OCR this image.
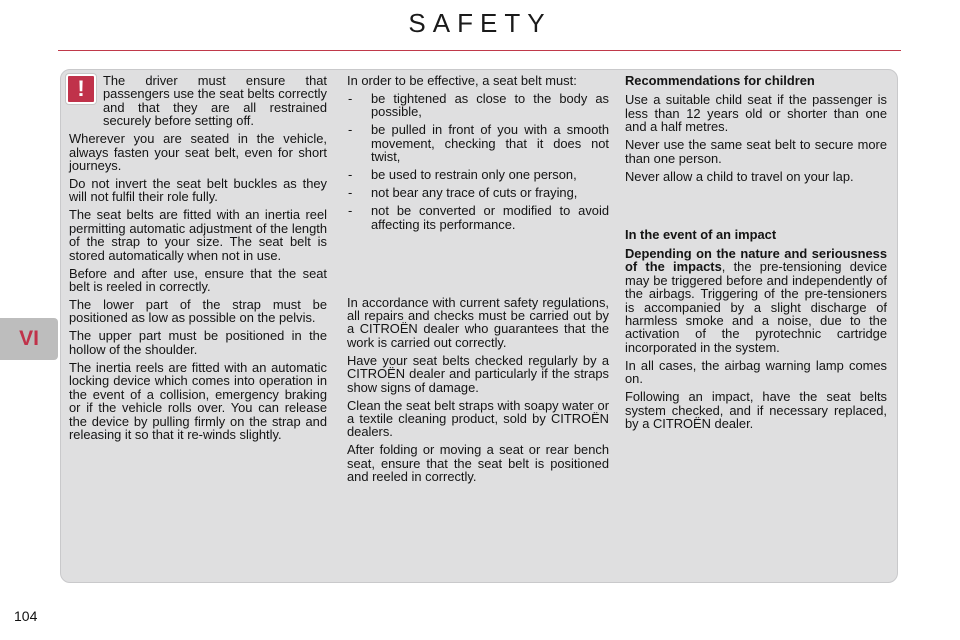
SAFETY
VI
!	The driver must ensure that passengers use the seat belts correctly and that they are all restrained securely before setting off.

Wherever you are seated in the vehicle, always fasten your seat belt, even for short journeys.

Do not invert the seat belt buckles as they will not fulfil their role fully.

The seat belts are fitted with an inertia reel permitting automatic adjustment of the length of the strap to your size. The seat belt is stored automatically when not in use.

Before and after use, ensure that the seat belt is reeled in correctly.

The lower part of the strap must be positioned as low as possible on the pelvis.

The upper part must be positioned in the hollow of the shoulder.

The inertia reels are fitted with an automatic locking device which comes into operation in the event of a collision, emergency braking or if the vehicle rolls over. You can release the device by pulling firmly on the strap and releasing it so that it re-winds slightly.

In order to be effective, a seat belt must:

- be tightened as close to the body as possible,
- be pulled in front of you with a smooth movement, checking that it does not twist,
- be used to restrain only one person,
- not bear any trace of cuts or fraying,
- not be converted or modified to avoid affecting its performance.

In accordance with current safety regulations, all repairs and checks must be carried out by a CITROËN dealer who guarantees that the work is carried out correctly.

Have your seat belts checked regularly by a CITROËN dealer and particularly if the straps show signs of damage.

Clean the seat belt straps with soapy water or a textile cleaning product, sold by CITROËN dealers.

After folding or moving a seat or rear bench seat, ensure that the seat belt is positioned and reeled in correctly.

Recommendations for children

Use a suitable child seat if the passenger is less than 12 years old or shorter than one and a half metres.

Never use the same seat belt to secure more than one person.

Never allow a child to travel on your lap.

In the event of an impact

Depending on the nature and seriousness of the impacts, the pre-tensioning device may be triggered before and independently of the airbags. Triggering of the pre-tensioners is accompanied by a slight discharge of harmless smoke and a noise, due to the activation of the pyrotechnic cartridge incorporated in the system.

In all cases, the airbag warning lamp comes on.

Following an impact, have the seat belts system checked, and if necessary replaced, by a CITROËN dealer.

104
